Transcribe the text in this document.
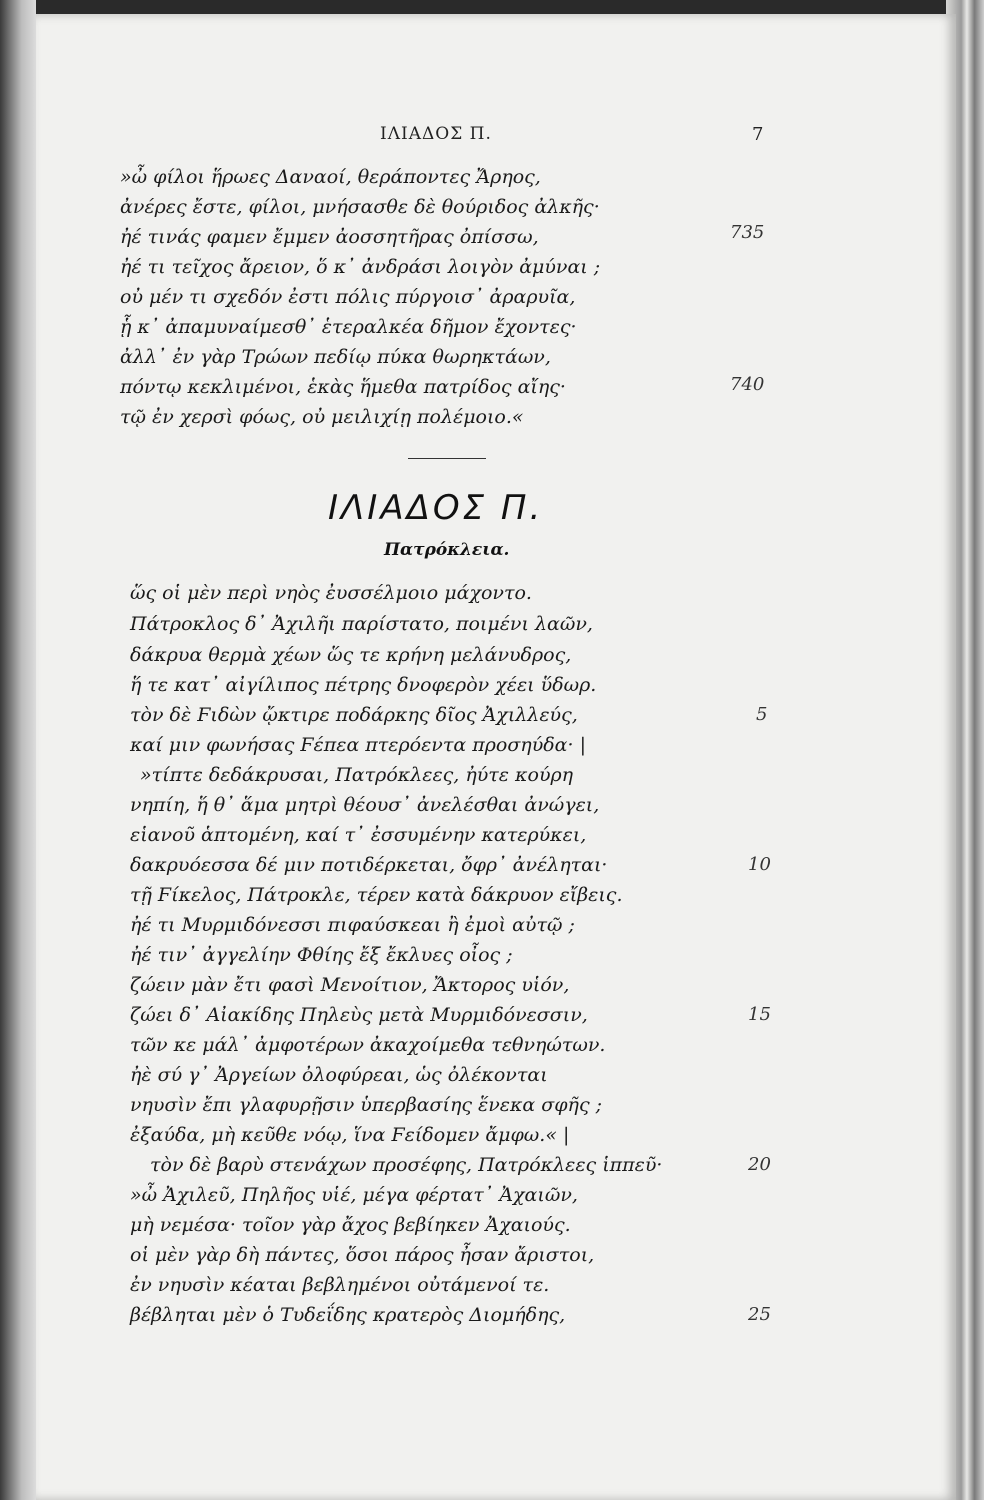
ΙΛΙΑΔΟΣ Π.	7
»ὦ φίλοι ἥρωες Δαναοί, θεράποντες Ἄρηος,
ἀνέρες ἔστε, φίλοι, μνήσασθε δὲ θούριδος ἀλκῆς·
ἠέ τινάς φαμεν ἔμμεν ἀοσσητῆρας ὀπίσσω,
ἠέ τι τεῖχος ἄρειον, ὅ κ᾽ ἀνδράσι λοιγὸν ἀμύναι ;
οὐ μέν τι σχεδόν ἐστι πόλις πύργοισ᾽ ἀραρυῖα,
ᾗ κ᾽ ἀπαμυναίμεσθ᾽ ἑτεραλκέα δῆμον ἔχοντες·
ἀλλ᾽ ἐν γὰρ Τρώων πεδίῳ πύκα θωρηκτάων,
πόντῳ κεκλιμένοι, ἑκὰς ἥμεθα πατρίδος αἴης·
τῷ ἐν χερσὶ φόως, οὐ μειλιχίῃ πολέμοιο.«
735
740
ΙΛΙΑΔΟΣ Π.
Πατρόκλεια.
ὥς οἱ μὲν περὶ νηὸς ἐυσσέλμοιο μάχοντο.
Πάτροκλος δ᾽ Ἀχιλῆι παρίστατο, ποιμένι λαῶν,
δάκρυα θερμὰ χέων ὥς τε κρήνη μελάνυδρος,
ἥ τε κατ᾽ αἰγίλιπος πέτρης δνοφερὸν χέει ὕδωρ.
τὸν δὲ Ϝιδὼν ᾤκτιρε ποδάρκης δῖος Ἀχιλλεύς,
καί μιν φωνήσας Ϝέπεα πτερόεντα προσηύδα· |
»τίπτε δεδάκρυσαι, Πατρόκλεες, ἠύτε κούρη
νηπίη, ἥ θ᾽ ἅμα μητρὶ θέουσ᾽ ἀνελέσθαι ἀνώγει,
εἱανοῦ ἁπτομένη, καί τ᾽ ἐσσυμένην κατερύκει,
δακρυόεσσα δέ μιν ποτιδέρκεται, ὄφρ᾽ ἀνέληται·
τῇ Ϝίκελος, Πάτροκλε, τέρεν κατὰ δάκρυον εἴβεις.
ἠέ τι Μυρμιδόνεσσι πιφαύσκεαι ἢ ἐμοὶ αὐτῷ ;
ἠέ τιν᾽ ἀγγελίην Φθίης ἔξ ἔκλυες οἶος ;
ζώειν μὰν ἔτι φασὶ Μενοίτιον, Ἄκτορος υἱόν,
ζώει δ᾽ Αἰακίδης Πηλεὺς μετὰ Μυρμιδόνεσσιν,
τῶν κε μάλ᾽ ἀμφοτέρων ἀκαχοίμεθα τεθνηώτων.
ἠὲ σύ γ᾽ Ἀργείων ὀλοφύρεαι, ὡς ὀλέκονται
νηυσὶν ἔπι γλαφυρῇσιν ὑπερβασίης ἕνεκα σφῆς ;
ἐξαύδα, μὴ κεῦθε νόῳ, ἵνα Ϝείδομεν ἄμφω.« |
τὸν δὲ βαρὺ στενάχων προσέφης, Πατρόκλεες ἱππεῦ·
»ὦ Ἀχιλεῦ, Πηλῆος υἱέ, μέγα φέρτατ᾽ Ἀχαιῶν,
μὴ νεμέσα· τοῖον γὰρ ἄχος βεβίηκεν Ἀχαιούς.
οἱ μὲν γὰρ δὴ πάντες, ὅσοι πάρος ἦσαν ἄριστοι,
ἐν νηυσὶν κέαται βεβλημένοι οὐτάμενοί τε.
βέβληται μὲν ὁ Τυδεΐδης κρατερὸς Διομήδης,
5
10
15
20
25
